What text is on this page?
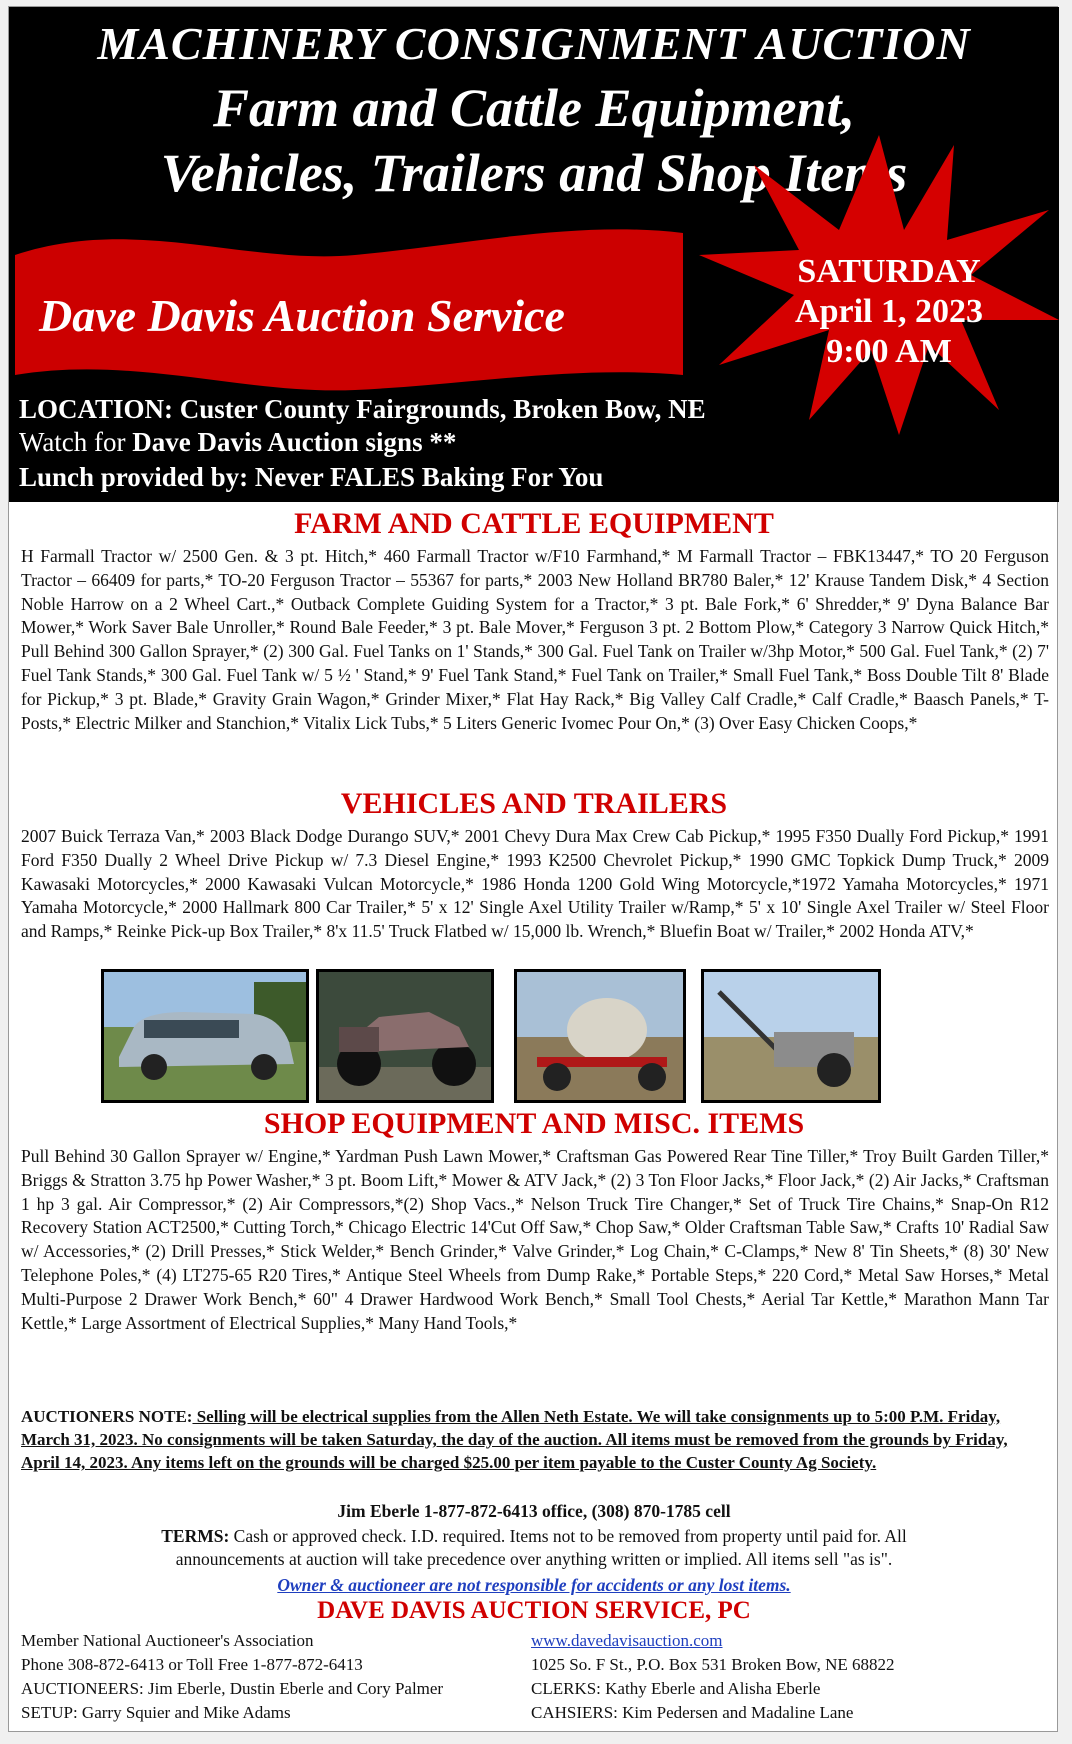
MACHINERY CONSIGNMENT AUCTION
Farm and Cattle Equipment,
Vehicles, Trailers and Shop Items
Dave Davis Auction Service
SATURDAY
April 1, 2023
9:00 AM
LOCATION: Custer County Fairgrounds, Broken Bow, NE
Watch for Dave Davis Auction signs **
Lunch provided by: Never FALES Baking For You
FARM AND CATTLE EQUIPMENT
H Farmall Tractor w/ 2500 Gen. & 3 pt. Hitch,* 460 Farmall Tractor w/F10 Farmhand,* M Farmall Tractor – FBK13447,* TO 20 Ferguson Tractor – 66409 for parts,* TO-20 Ferguson Tractor – 55367 for parts,* 2003 New Holland BR780 Baler,* 12' Krause Tandem Disk,* 4 Section Noble Harrow on a 2 Wheel Cart.,* Outback Complete Guiding System for a Tractor,* 3 pt. Bale Fork,* 6' Shredder,* 9' Dyna Balance Bar Mower,* Work Saver Bale Unroller,* Round Bale Feeder,* 3 pt. Bale Mover,* Ferguson 3 pt. 2 Bottom Plow,* Category 3 Narrow Quick Hitch,* Pull Behind 300 Gallon Sprayer,* (2) 300 Gal. Fuel Tanks on 1' Stands,* 300 Gal. Fuel Tank on Trailer w/3hp Motor,* 500 Gal. Fuel Tank,* (2) 7' Fuel Tank Stands,* 300 Gal. Fuel Tank w/ 5 ½ ' Stand,* 9' Fuel Tank Stand,* Fuel Tank on Trailer,* Small Fuel Tank,* Boss Double Tilt 8' Blade for Pickup,* 3 pt. Blade,* Gravity Grain Wagon,* Grinder Mixer,* Flat Hay Rack,* Big Valley Calf Cradle,* Calf Cradle,* Baasch Panels,* T-Posts,* Electric Milker and Stanchion,* Vitalix Lick Tubs,* 5 Liters Generic Ivomec Pour On,* (3) Over Easy Chicken Coops,*
VEHICLES AND TRAILERS
2007 Buick Terraza Van,* 2003 Black Dodge Durango SUV,* 2001 Chevy Dura Max Crew Cab Pickup,* 1995 F350 Dually Ford Pickup,* 1991 Ford F350 Dually 2 Wheel Drive Pickup w/ 7.3 Diesel Engine,* 1993 K2500 Chevrolet Pickup,* 1990 GMC Topkick Dump Truck,* 2009 Kawasaki Motorcycles,* 2000 Kawasaki Vulcan Motorcycle,* 1986 Honda 1200 Gold Wing Motorcycle,*1972 Yamaha Motorcycles,* 1971 Yamaha Motorcycle,* 2000 Hallmark 800 Car Trailer,* 5' x 12' Single Axel Utility Trailer w/Ramp,* 5' x 10' Single Axel Trailer w/ Steel Floor and Ramps,* Reinke Pick-up Box Trailer,* 8'x 11.5' Truck Flatbed w/ 15,000 lb. Wrench,* Bluefin Boat w/ Trailer,* 2002 Honda ATV,*
SHOP EQUIPMENT AND MISC. ITEMS
Pull Behind 30 Gallon Sprayer w/ Engine,* Yardman Push Lawn Mower,* Craftsman Gas Powered Rear Tine Tiller,* Troy Built Garden Tiller,* Briggs & Stratton 3.75 hp Power Washer,* 3 pt. Boom Lift,* Mower & ATV Jack,* (2) 3 Ton Floor Jacks,* Floor Jack,* (2) Air Jacks,* Craftsman 1 hp 3 gal. Air Compressor,* (2) Air Compressors,*(2) Shop Vacs.,* Nelson Truck Tire Changer,* Set of Truck Tire Chains,* Snap-On R12 Recovery Station ACT2500,* Cutting Torch,* Chicago Electric 14'Cut Off Saw,* Chop Saw,* Older Craftsman Table Saw,* Crafts 10' Radial Saw w/ Accessories,* (2) Drill Presses,* Stick Welder,* Bench Grinder,* Valve Grinder,* Log Chain,* C-Clamps,* New 8' Tin Sheets,* (8) 30' New Telephone Poles,* (4) LT275-65 R20 Tires,* Antique Steel Wheels from Dump Rake,* Portable Steps,* 220 Cord,* Metal Saw Horses,* Metal Multi-Purpose 2 Drawer Work Bench,* 60" 4 Drawer Hardwood Work Bench,* Small Tool Chests,* Aerial Tar Kettle,* Marathon Mann Tar Kettle,* Large Assortment of Electrical Supplies,* Many Hand Tools,*
AUCTIONERS NOTE: Selling will be electrical supplies from the Allen Neth Estate. We will take consignments up to 5:00 P.M. Friday, March 31, 2023. No consignments will be taken Saturday, the day of the auction. All items must be removed from the grounds by Friday, April 14, 2023. Any items left on the grounds will be charged $25.00 per item payable to the Custer County Ag Society.
Jim Eberle 1-877-872-6413 office, (308) 870-1785 cell
TERMS: Cash or approved check. I.D. required. Items not to be removed from property until paid for. All
announcements at auction will take precedence over anything written or implied. All items sell "as is".
Owner & auctioneer are not responsible for accidents or any lost items.
DAVE DAVIS AUCTION SERVICE, PC
Member National Auctioneer's Association
Phone 308-872-6413 or Toll Free 1-877-872-6413
AUCTIONEERS: Jim Eberle, Dustin Eberle and Cory Palmer
SETUP: Garry Squier and Mike Adams
www.davedavisauction.com
1025 So. F St., P.O. Box 531 Broken Bow, NE 68822
CLERKS: Kathy Eberle and Alisha Eberle
CAHSIERS: Kim Pedersen and Madaline Lane
